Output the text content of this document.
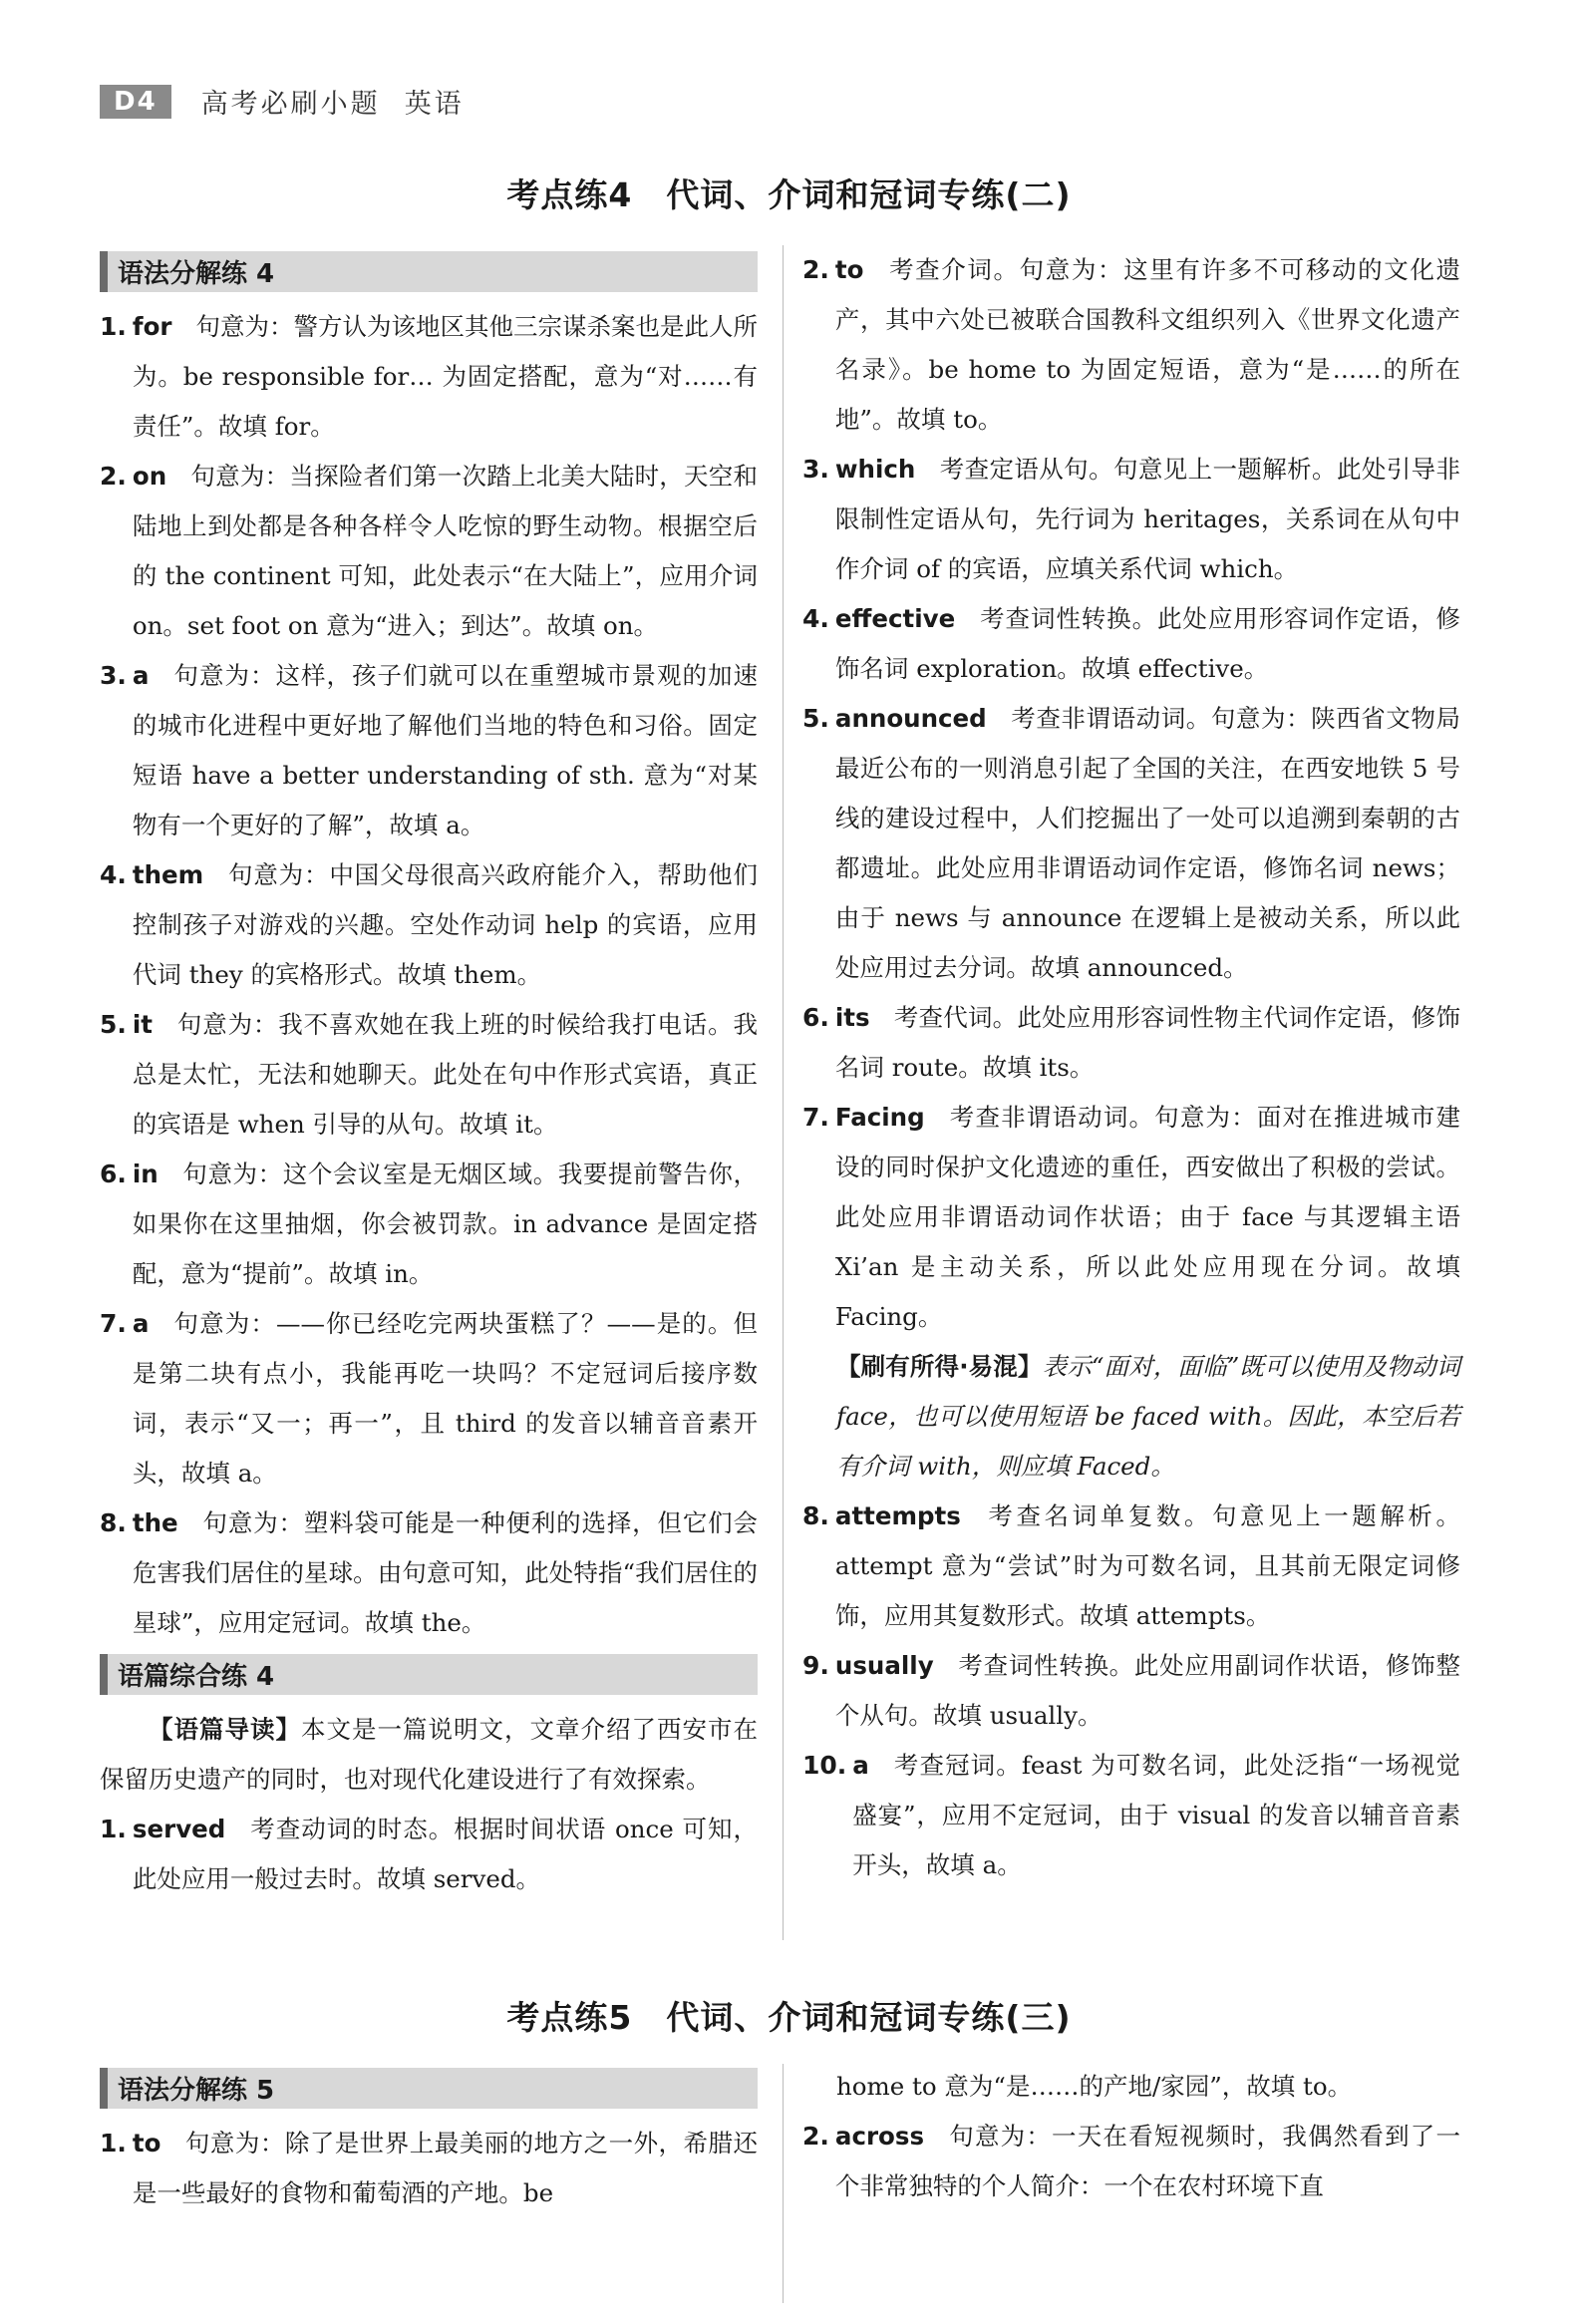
D4	高考必刷小题 英语
考点练4　代词、介词和冠词专练(二)
语法分解练 4
1. for 句意为：警方认为该地区其他三宗谋杀案也是此人所为。be responsible for… 为固定搭配，意为“对……有责任”。故填 for。
2. on 句意为：当探险者们第一次踏上北美大陆时，天空和陆地上到处都是各种各样令人吃惊的野生动物。根据空后的 the continent 可知，此处表示“在大陆上”，应用介词 on。set foot on 意为“进入；到达”。故填 on。
3. a 句意为：这样，孩子们就可以在重塑城市景观的加速的城市化进程中更好地了解他们当地的特色和习俗。固定短语 have a better understanding of sth. 意为“对某物有一个更好的了解”，故填 a。
4. them 句意为：中国父母很高兴政府能介入，帮助他们控制孩子对游戏的兴趣。空处作动词 help 的宾语，应用代词 they 的宾格形式。故填 them。
5. it 句意为：我不喜欢她在我上班的时候给我打电话。我总是太忙，无法和她聊天。此处在句中作形式宾语，真正的宾语是 when 引导的从句。故填 it。
6. in 句意为：这个会议室是无烟区域。我要提前警告你，如果你在这里抽烟，你会被罚款。in advance 是固定搭配，意为“提前”。故填 in。
7. a 句意为：——你已经吃完两块蛋糕了？——是的。但是第二块有点小，我能再吃一块吗？不定冠词后接序数词，表示“又一；再一”，且 third 的发音以辅音音素开头，故填 a。
8. the 句意为：塑料袋可能是一种便利的选择，但它们会危害我们居住的星球。由句意可知，此处特指“我们居住的星球”，应用定冠词。故填 the。
语篇综合练 4
【语篇导读】本文是一篇说明文，文章介绍了西安市在保留历史遗产的同时，也对现代化建设进行了有效探索。
1. served 考查动词的时态。根据时间状语 once 可知，此处应用一般过去时。故填 served。
2. to 考查介词。句意为：这里有许多不可移动的文化遗产，其中六处已被联合国教科文组织列入《世界文化遗产名录》。be home to 为固定短语，意为“是……的所在地”。故填 to。
3. which 考查定语从句。句意见上一题解析。此处引导非限制性定语从句，先行词为 heritages，关系词在从句中作介词 of 的宾语，应填关系代词 which。
4. effective 考查词性转换。此处应用形容词作定语，修饰名词 exploration。故填 effective。
5. announced 考查非谓语动词。句意为：陕西省文物局最近公布的一则消息引起了全国的关注，在西安地铁 5 号线的建设过程中，人们挖掘出了一处可以追溯到秦朝的古都遗址。此处应用非谓语动词作定语，修饰名词 news；由于 news 与 announce 在逻辑上是被动关系，所以此处应用过去分词。故填 announced。
6. its 考查代词。此处应用形容词性物主代词作定语，修饰名词 route。故填 its。
7. Facing 考查非谓语动词。句意为：面对在推进城市建设的同时保护文化遗迹的重任，西安做出了积极的尝试。此处应用非谓语动词作状语；由于 face 与其逻辑主语 Xi’an 是主动关系，所以此处应用现在分词。故填 Facing。
【刷有所得·易混】表示“面对，面临”既可以使用及物动词 face，也可以使用短语 be faced with。因此，本空后若有介词 with，则应填 Faced。
8. attempts 考查名词单复数。句意见上一题解析。attempt 意为“尝试”时为可数名词，且其前无限定词修饰，应用其复数形式。故填 attempts。
9. usually 考查词性转换。此处应用副词作状语，修饰整个从句。故填 usually。
10. a 考查冠词。feast 为可数名词，此处泛指“一场视觉盛宴”，应用不定冠词，由于 visual 的发音以辅音音素开头，故填 a。
考点练5　代词、介词和冠词专练(三)
语法分解练 5
1. to 句意为：除了是世界上最美丽的地方之一外，希腊还是一些最好的食物和葡萄酒的产地。be
home to 意为“是……的产地/家园”，故填 to。
2. across 句意为：一天在看短视频时，我偶然看到了一个非常独特的个人简介：一个在农村环境下直
